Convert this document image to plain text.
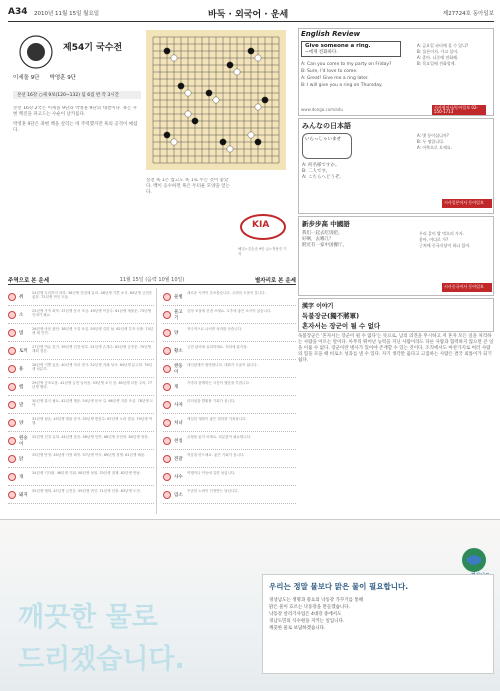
A34 2010년 11월 15일 월요일	바둑 · 외국어 · 운세	제27724호 동아일보
제54기 국수전
이세돌 9단 박영훈 9단
본선 16강 ○제 9보(120~132) 덤 6집 반 각 3시간

본선 16강 2국은 이세돌 9단과 박영훈 9단의 대결이다. 흑은 우변 백진을 파고드는 수순이 날카롭다.

박영훈 9단은 좌변 백을 살리는 데 주력했지만 흑의 공격이 매섭다.

실전 흑 1은 참고도 흑 1로 두는 것이 좋았다. 백이 응수하면 흑은 두터운 모양을 얻는다.

KIA
해설=김승준 9단 글=정용진 기자
English Review
Give someone a ring.
~에게 전화하다.
A: Can you come to my party on Friday?
B: Sure, I'd love to come.
A: Great! Give me a ring later.
B: I will give you a ring on Thursday.
A: 금요일 파티에 올 수 있니?
B: 물론이지. 가고 싶어.
A: 좋아. 나중에 전화해.
B: 목요일에 전화할게.
www.donga.com/edu	시사영어사/동아일보 02-550-1713
みんなの日本語
いらっしゃいませ
A: 何名様ですか。
B: 二人です。
A: こちらへどうぞ。
A: 몇 분이십니까?
B: 두 명입니다.
A: 이쪽으로 오세요.
시사일본어사 동아일보
新步步高 中國語
我们一起去吃饭吧。
好啊，去哪儿？
附近有一家中国餐厅。
우리 같이 밥 먹으러 가자.
좋아, 어디로 가?
근처에 중국식당이 하나 있어.
시사중국어사 동아일보
漢字 이야기
독불장군(獨不將軍)
혼자서는 장군이 될 수 없다

독불장군은 '혼자서는 장군이 될 수 없다'는 뜻으로, 남의 의견을 무시하고 저 혼자 모든 일을 처리하는 사람을 이르는 말이다. 아무리 뛰어난 능력을 지닌 사람이라도 다른 사람과 협력하지 않으면 큰 일을 이룰 수 없다. 장군이란 병사가 있어야 존재할 수 있는 것이다. 조직에서도 마찬가지로 여러 사람의 힘을 모을 때 비로소 성과를 낼 수 있다. 자기 생각만 옳다고 고집하는 사람은 결국 외톨이가 되기 쉽다.

주역으로 본 운세	11월 15일 (음력 10월 10일)	별자리로 본 운세
쥐
24년생 무리하지 마라. 36년생 건강에 유의. 48년생 기쁜 소식. 60년생 금전운 좋음. 72년생 귀인 도움.
소
25년생 가족 화목. 37년생 문서 조심. 49년생 이동수. 61년생 재물운. 73년생 인내가 필요.
범
26년생 마음 편안. 38년생 구설 조심. 50년생 길한 날. 62년생 투자 신중. 74년생 새 인연.
토끼
27년생 여유 갖기. 39년생 건강 양호. 51년생 손재수. 63년생 승진운. 75년생 계획 점검.
용
28년생 기쁨 있음. 40년생 자녀 경사. 52년생 거래 성사. 64년생 분주함. 76년생 차분히.
뱀
29년생 순조로움. 41년생 금전 들어옴. 53년생 소식 옴. 65년생 다툼 주의. 77년생 협력.
말
30년생 휴식 필요. 42년생 행운. 54년생 문서 길. 66년생 지출 조심. 78년생 도약.
양
31년생 평온. 43년생 재물 증가. 55년생 변동수. 67년생 노력 결실. 79년생 여행.
원숭이
32년생 건강 유의. 44년생 웃음. 56년생 인연. 68년생 추진력. 80년생 칭찬.
닭
33년생 안정. 45년생 가정 화목. 57년생 이익. 69년생 경쟁. 81년생 배움.
개
34년생 기다림. 46년생 기회. 58년생 성취. 70년생 절제. 82년생 만남.
돼지
35년생 행복. 47년생 금전운. 59년생 귀인. 71년생 신중. 83년생 도전.
물병
새로운 시작이 순조롭습니다. 주변의 도움이 큽니다.
물고기
감정 조절에 신경 쓰세요. 오후에 좋은 소식이 있습니다.
양
적극적으로 나서면 성과를 얻습니다.
황소
금전 관리에 유의하세요. 저녁에 휴식을.
쌍둥이
대인관계가 원만합니다. 대화가 도움이 됩니다.
게
가족과 함께하는 시간이 행운을 부릅니다.
사자
리더십을 발휘할 기회가 옵니다.
처녀
세심한 계획이 좋은 결과를 가져옵니다.
천칭
균형을 잃지 마세요. 차분함이 필요합니다.
전갈
직감을 믿으세요. 좋은 기회가 옵니다.
사수
여행이나 이동에 길한 날입니다.
염소
꾸준한 노력이 인정받는 날입니다.
깨끗한 물로
드리겠습니다.
우리는 정말 물보다 맑은 물이 필요합니다.
경상남도는 생명과 풍요의 낙동강 가꾸기를 통해
맑은 물이 흐르는 낙동강을 만들겠습니다.
낙동강 살리기사업은 4대강 중에서도
경남도민의 식수원을 지키는 일입니다.
깨끗한 물로 보답하겠습니다.
